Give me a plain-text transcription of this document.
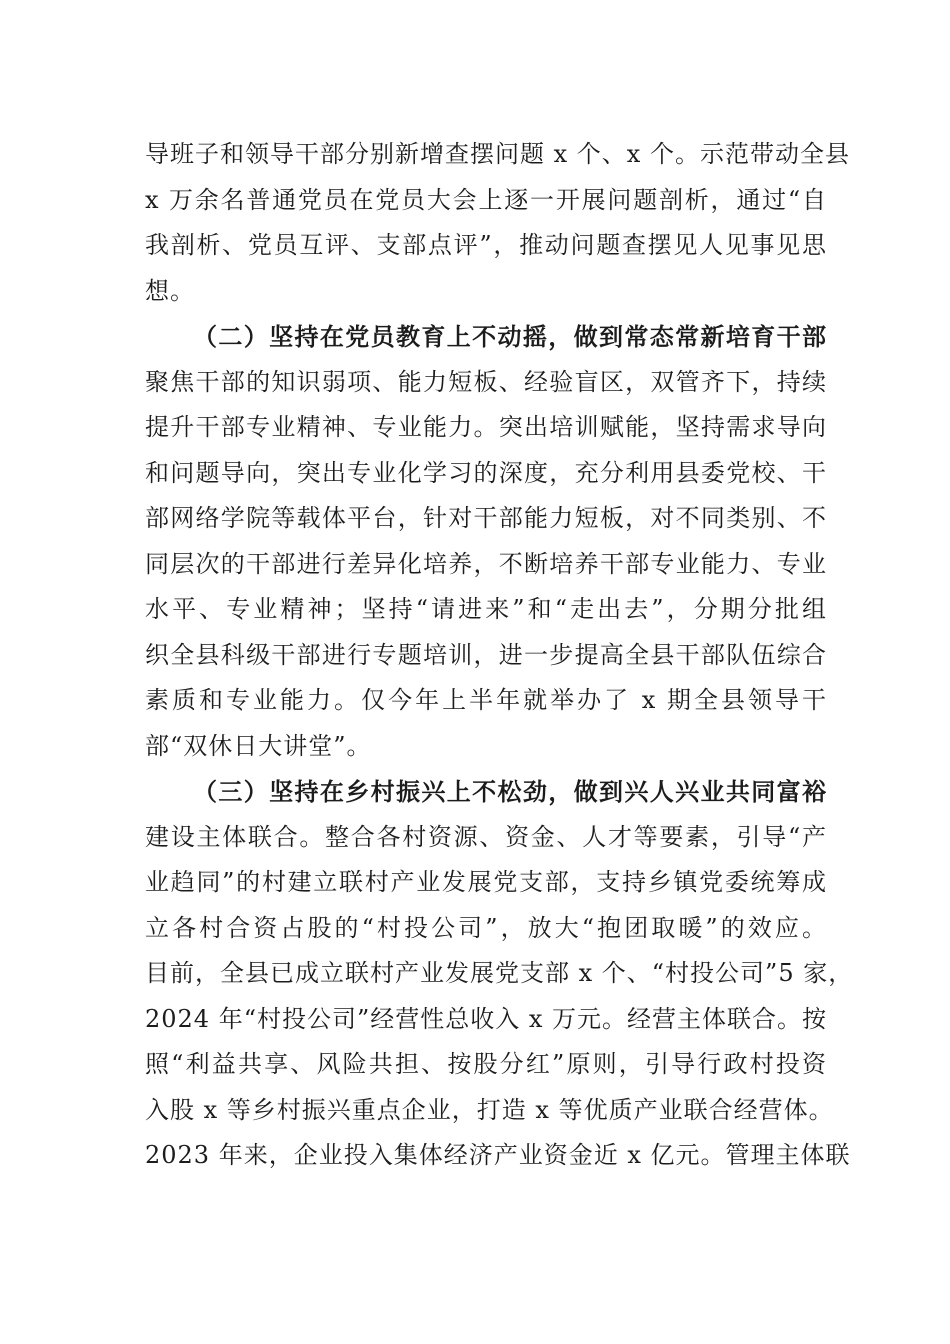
导班子和领导干部分别新增查摆问题 x 个、x 个。示范带动全县
x 万余名普通党员在党员大会上逐一开展问题剖析，通过“自
我剖析、党员互评、支部点评”，推动问题查摆见人见事见思
想。
（二）坚持在党员教育上不动摇，做到常态常新培育干部
聚焦干部的知识弱项、能力短板、经验盲区，双管齐下，持续
提升干部专业精神、专业能力。突出培训赋能，坚持需求导向
和问题导向，突出专业化学习的深度，充分利用县委党校、干
部网络学院等载体平台，针对干部能力短板，对不同类别、不
同层次的干部进行差异化培养，不断培养干部专业能力、专业
水平、专业精神；坚持“请进来”和“走出去”，分期分批组
织全县科级干部进行专题培训，进一步提高全县干部队伍综合
素质和专业能力。仅今年上半年就举办了 x 期全县领导干
部“双休日大讲堂”。
（三）坚持在乡村振兴上不松劲，做到兴人兴业共同富裕
建设主体联合。整合各村资源、资金、人才等要素，引导“产
业趋同”的村建立联村产业发展党支部，支持乡镇党委统筹成
立各村合资占股的“村投公司”，放大“抱团取暖”的效应。
目前，全县已成立联村产业发展党支部 x 个、“村投公司”5 家，
2024 年“村投公司”经营性总收入 x 万元。经营主体联合。按
照“利益共享、风险共担、按股分红”原则，引导行政村投资
入股 x 等乡村振兴重点企业，打造 x 等优质产业联合经营体。
2023 年来，企业投入集体经济产业资金近 x 亿元。管理主体联
